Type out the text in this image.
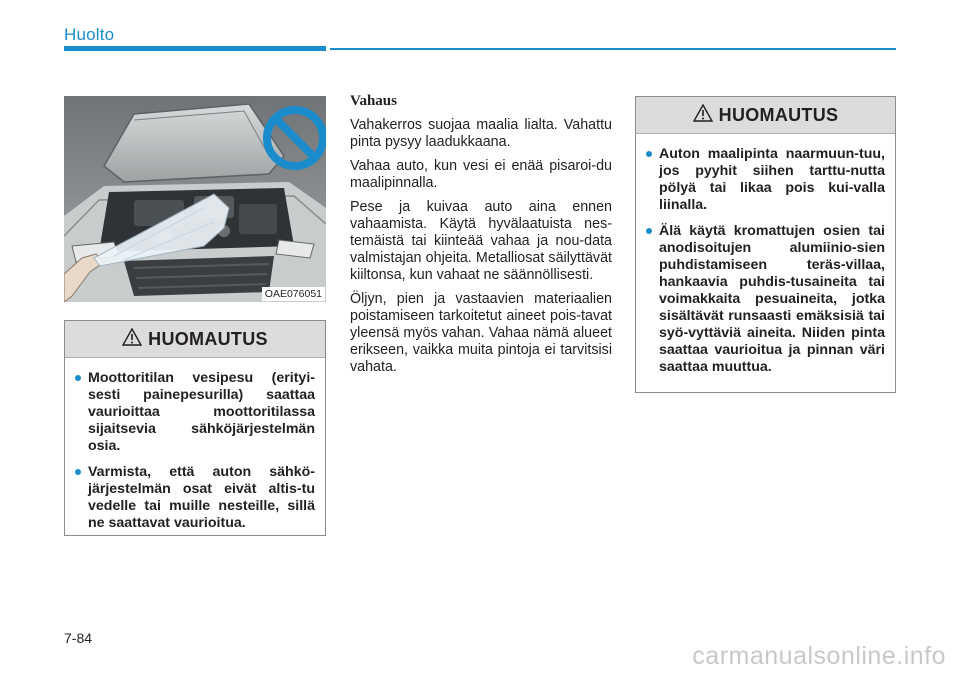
Huolto
OAE076051
HUOMAUTUS
Moottoritilan vesipesu (erityi-sesti painepesurilla) saattaa vaurioittaa moottoritilassa sijaitsevia sähköjärjestelmän osia.
Varmista, että auton sähkö-järjestelmän osat eivät altis-tu vedelle tai muille nesteille, sillä ne saattavat vaurioitua.
Vahaus

Vahakerros suojaa maalia lialta. Vahattu pinta pysyy laadukkaana.

Vahaa auto, kun vesi ei enää pisaroi-du maalipinnalla.

Pese ja kuivaa auto aina ennen vahaamista. Käytä hyvälaatuista nes-temäistä tai kiinteää vahaa ja nou-data valmistajan ohjeita. Metalliosat säilyttävät kiiltonsa, kun vahaat ne säännöllisesti.

Öljyn, pien ja vastaavien materiaalien poistamiseen tarkoitetut aineet pois-tavat yleensä myös vahan. Vahaa nämä alueet erikseen, vaikka muita pintoja ei tarvitsisi vahata.

HUOMAUTUS
Auton maalipinta naarmuun-tuu, jos pyyhit siihen tarttu-nutta pölyä tai likaa pois kui-valla liinalla.
Älä käytä kromattujen osien tai anodisoitujen alumiinio-sien puhdistamiseen teräs-villaa, hankaavia puhdis-tusaineita tai voimakkaita pesuaineita, jotka sisältävät runsaasti emäksisiä tai syö-vyttäviä aineita. Niiden pinta saattaa vaurioitua ja pinnan väri saattaa muuttua.
7-84
carmanualsonline.info
